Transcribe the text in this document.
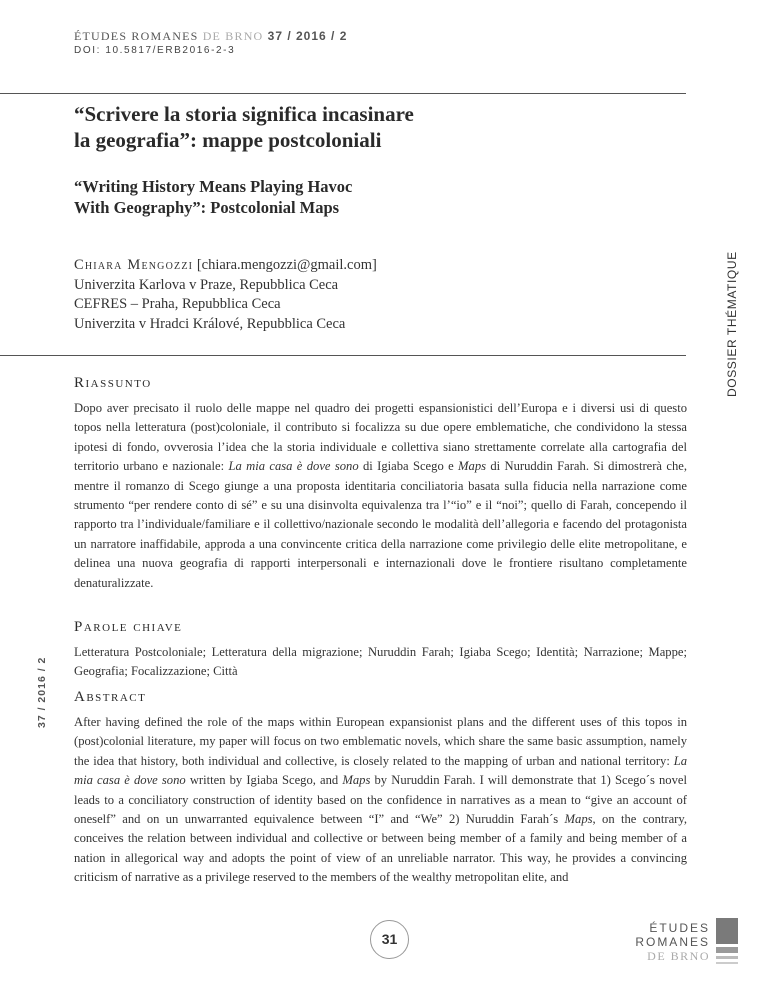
ÉTUDES ROMANES DE BRNO 37 / 2016 / 2
DOI: 10.5817/ERB2016-2-3
“Scrivere la storia significa incasinare
la geografia”: mappe postcoloniali
“Writing History Means Playing Havoc
With Geography”: Postcolonial Maps
Chiara Mengozzi [chiara.mengozzi@gmail.com]
Univerzita Karlova v Praze, Repubblica Ceca
CEFRES – Praha, Repubblica Ceca
Univerzita v Hradci Králové, Repubblica Ceca	DOSSIER THÉMATIQUE
Riassunto
Dopo aver precisato il ruolo delle mappe nel quadro dei progetti espansionistici dell’Europa e i diversi usi di questo topos nella letteratura (post)coloniale, il contributo si focalizza su due opere emblematiche, che condividono la stessa ipotesi di fondo, ovverosia l’idea che la storia individuale e collettiva siano strettamente correlate alla cartografia del territorio urbano e nazionale: La mia casa è dove sono di Igiaba Scego e Maps di Nuruddin Farah. Si dimostrerà che, mentre il romanzo di Scego giunge a una proposta identitaria conciliatoria basata sulla fiducia nella narrazione come strumento “per rendere conto di sé” e su una disinvolta equivalenza tra l’“io” e il “noi”; quello di Farah, concependo il rapporto tra l’individuale/familiare e il collettivo/nazionale secondo le modalità dell’allegoria e facendo del protagonista un narratore inaffidabile, approda a una convincente critica della narrazione come privilegio delle elite metropolitane, e delinea una nuova geografia di rapporti interpersonali e internazionali dove le frontiere risultano completamente denaturalizzate.
Parole chiave
Letteratura Postcoloniale; Letteratura della migrazione; Nuruddin Farah; Igiaba Scego; Identità; Narrazione; Mappe; Geografia; Focalizzazione; Città
37 / 2016 / 2 Abstract
After having defined the role of the maps within European expansionist plans and the different uses of this topos in (post)colonial literature, my paper will focus on two emblematic novels, which share the same basic assumption, namely the idea that history, both individual and collective, is closely related to the mapping of urban and national territory: La mia casa è dove sono written by Igiaba Scego, and Maps by Nuruddin Farah. I will demonstrate that 1) Scego´s novel leads to a conciliatory construction of identity based on the confidence in narratives as a mean to “give an account of oneself” and on un unwarranted equivalence between “I” and “We” 2) Nuruddin Farah´s Maps, on the contrary, conceives the relation between individual and collective or between being member of a family and being member of a nation in allegorical way and adopts the point of view of an unreliable narrator. This way, he provides a convincing criticism of narrative as a privilege reserved to the members of the wealthy metropolitan elite, and
31
ÉTUDES
ROMANES
DE BRNO
